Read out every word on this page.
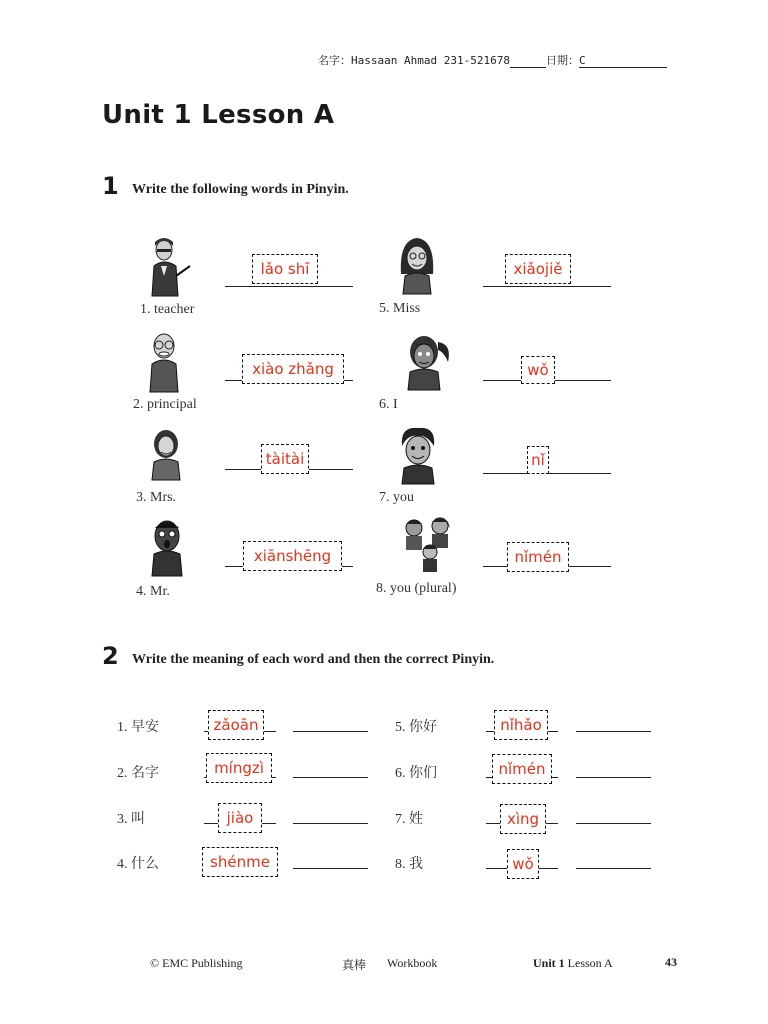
名字：Hassaan Ahmad 231-521678	日期：C
Unit 1 Lesson A
1 Write the following words in Pinyin.
lǎo shī
1. teacher
xiào zhǎng
2. principal
tàitài
3. Mrs.
xiānshēng
4. Mr.
xiǎojiě
5. Miss
wǒ
6. I
nǐ
7. you
nǐmén
8. you (plural)
2 Write the meaning of each word and then the correct Pinyin.
1. 早安	zǎoān
2. 名字	míngzì
3. 叫	jiào
4. 什么	shénme
5. 你好	nǐhǎo
6. 你们	nǐmén
7. 姓	xìng
8. 我	wǒ
© EMC Publishing	真棒 Workbook	Unit 1 Lesson A	43
